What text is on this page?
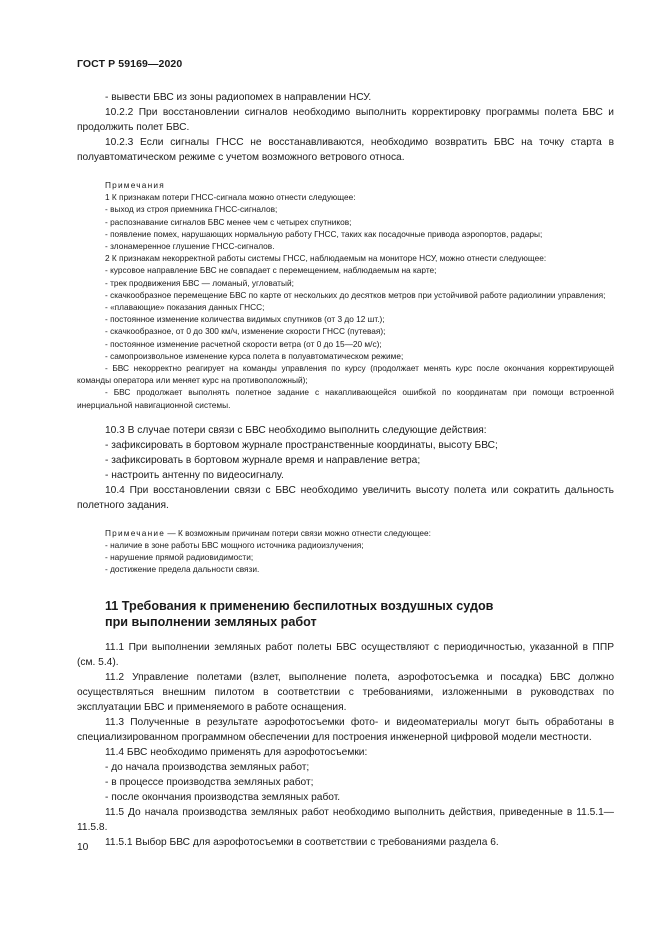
ГОСТ Р 59169—2020

- вывести БВС из зоны радиопомех в направлении НСУ.

10.2.2 При восстановлении сигналов необходимо выполнить корректировку программы полета БВС и продолжить полет БВС.

10.2.3 Если сигналы ГНСС не восстанавливаются, необходимо возвратить БВС на точку старта в полуавтоматическом режиме с учетом возможного ветрового относа.

Примечания

1 К признакам потери ГНСС-сигнала можно отнести следующее:

- выход из строя приемника ГНСС-сигналов;

- распознавание сигналов БВС менее чем с четырех спутников;

- появление помех, нарушающих нормальную работу ГНСС, таких как посадочные привода аэропортов, радары;

- злонамеренное глушение ГНСС-сигналов.

2 К признакам некорректной работы системы ГНСС, наблюдаемым на мониторе НСУ, можно отнести следующее:

- курсовое направление БВС не совпадает с перемещением, наблюдаемым на карте;

- трек продвижения БВС — ломаный, угловатый;

- скачкообразное перемещение БВС по карте от нескольких до десятков метров при устойчивой работе радиолинии управления;

- «плавающие» показания данных ГНСС;

- постоянное изменение количества видимых спутников (от 3 до 12 шт.);

- скачкообразное, от 0 до 300 км/ч, изменение скорости ГНСС (путевая);

- постоянное изменение расчетной скорости ветра (от 0 до 15—20 м/с);

- самопроизвольное изменение курса полета в полуавтоматическом режиме;

- БВС некорректно реагирует на команды управления по курсу (продолжает менять курс после окончания корректирующей команды оператора или меняет курс на противоположный);

- БВС продолжает выполнять полетное задание с накапливающейся ошибкой по координатам при помощи встроенной инерциальной навигационной системы.

10.3 В случае потери связи с БВС необходимо выполнить следующие действия:

- зафиксировать в бортовом журнале пространственные координаты, высоту БВС;

- зафиксировать в бортовом журнале время и направление ветра;

- настроить антенну по видеосигналу.

10.4 При восстановлении связи с БВС необходимо увеличить высоту полета или сократить дальность полетного задания.

Примечание — К возможным причинам потери связи можно отнести следующее:

- наличие в зоне работы БВС мощного источника радиоизлучения;

- нарушение прямой радиовидимости;

- достижение предела дальности связи.

11 Требования к применению беспилотных воздушных судов
при выполнении земляных работ

11.1 При выполнении земляных работ полеты БВС осуществляют с периодичностью, указанной в ППР (см. 5.4).

11.2 Управление полетами (взлет, выполнение полета, аэрофотосъемка и посадка) БВС должно осуществляться внешним пилотом в соответствии с требованиями, изложенными в руководствах по эксплуатации БВС и применяемого в работе оснащения.

11.3 Полученные в результате аэрофотосъемки фото- и видеоматериалы могут быть обработаны в специализированном программном обеспечении для построения инженерной цифровой модели местности.

11.4 БВС необходимо применять для аэрофотосъемки:

- до начала производства земляных работ;

- в процессе производства земляных работ;

- после окончания производства земляных работ.

11.5 До начала производства земляных работ необходимо выполнить действия, приведенные в 11.5.1—11.5.8.

11.5.1 Выбор БВС для аэрофотосъемки в соответствии с требованиями раздела 6.

10
